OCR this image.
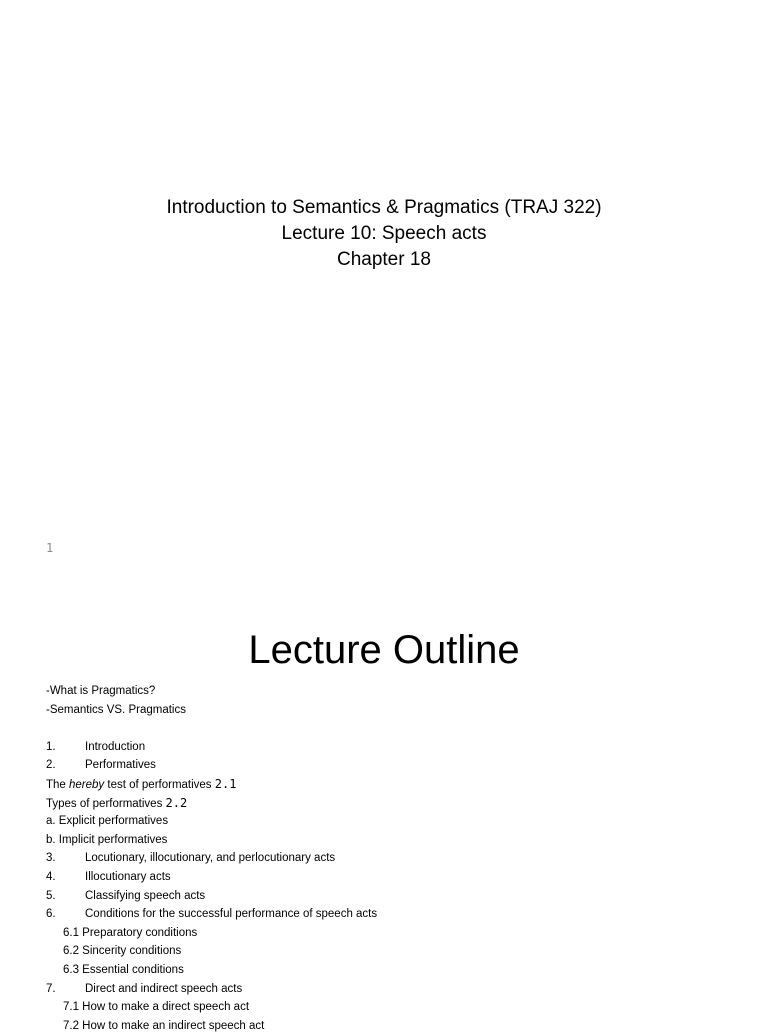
Introduction to Semantics & Pragmatics (TRAJ 322)
Lecture 10: Speech acts
Chapter 18
1
Lecture Outline
-What is Pragmatics?
-Semantics VS. Pragmatics
1.	Introduction
2.	Performatives
The hereby test of performatives 2.1
Types of performatives 2.2
a. Explicit performatives
b. Implicit performatives
3.	Locutionary, illocutionary, and perlocutionary acts
4.	Illocutionary acts
5.	Classifying speech acts
6.	Conditions for the successful performance of speech acts
6.1 Preparatory conditions
6.2 Sincerity conditions
6.3 Essential conditions
7.	Direct and indirect speech acts
7.1 How to make a direct speech act
7.2 How to make an indirect speech act
